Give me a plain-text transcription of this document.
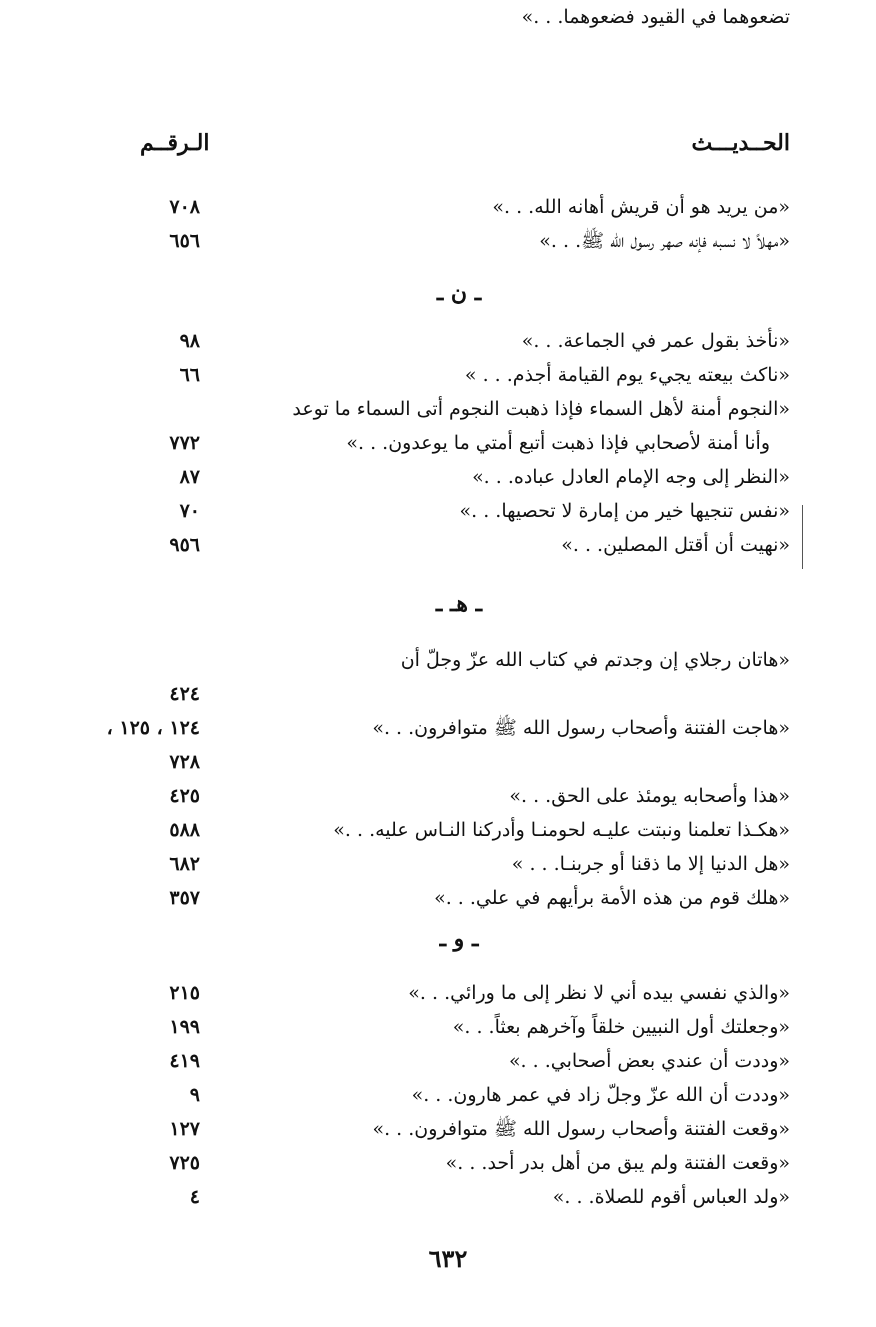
الحــديـــث
الـرقــم
«من يريد هو أن قريش أهانه الله. . .»
٧٠٨
«مهلاً لا نسبه فإنه صهر رسول الله ﷺ. . .»
٦٥٦
ـ ن ـ
«نأخذ بقول عمر في الجماعة. . .»
٩٨
«ناكث بيعته يجيء يوم القيامة أجذم. . . »
٦٦
«النجوم أمنة لأهل السماء فإذا ذهبت النجوم أتى السماء ما توعد
وأنا أمنة لأصحابي فإذا ذهبت أتبع أمتي ما يوعدون. . .»
٧٧٢
«النظر إلى وجه الإمام العادل عباده. . .»
٨٧
«نفس تنجيها خير من إمارة لا تحصيها. . .»
٧٠
«نهيت أن أقتل المصلين. . .»
٩٥٦
ـ هـ ـ
«هاتان رجلاي إن وجدتم في كتاب الله عزّ وجلّ أن
تضعوهما في القيود فضعوهما. . .»
٤٢٤
«هاجت الفتنة وأصحاب رسول الله ﷺ متوافرون. . .»
١٢٤ ، ١٢٥ ،
٧٢٨
«هذا وأصحابه يومئذ على الحق. . .»
٤٢٥
«هكـذا تعلمنا ونبتت عليـه لحومنـا وأدركنا النـاس عليه. . .»
٥٨٨
«هل الدنيا إلا ما ذقنا أو جربنـا. . . »
٦٨٢
«هلك قوم من هذه الأمة برأيهم في علي. . .»
٣٥٧
ـ و ـ
«والذي نفسي بيده أني لا نظر إلى ما ورائي. . .»
٢١٥
«وجعلتك أول النبيين خلقاً وآخرهم بعثاً. . .»
١٩٩
«وددت أن عندي بعض أصحابي. . .»
٤١٩
«وددت أن الله عزّ وجلّ زاد في عمر هارون. . .»
٩
«وقعت الفتنة وأصحاب رسول الله ﷺ متوافرون. . .»
١٢٧
«وقعت الفتنة ولم يبق من أهل بدر أحد. . .»
٧٢٥
«ولد العباس أقوم للصلاة. . .»
٤
٦٣٢
